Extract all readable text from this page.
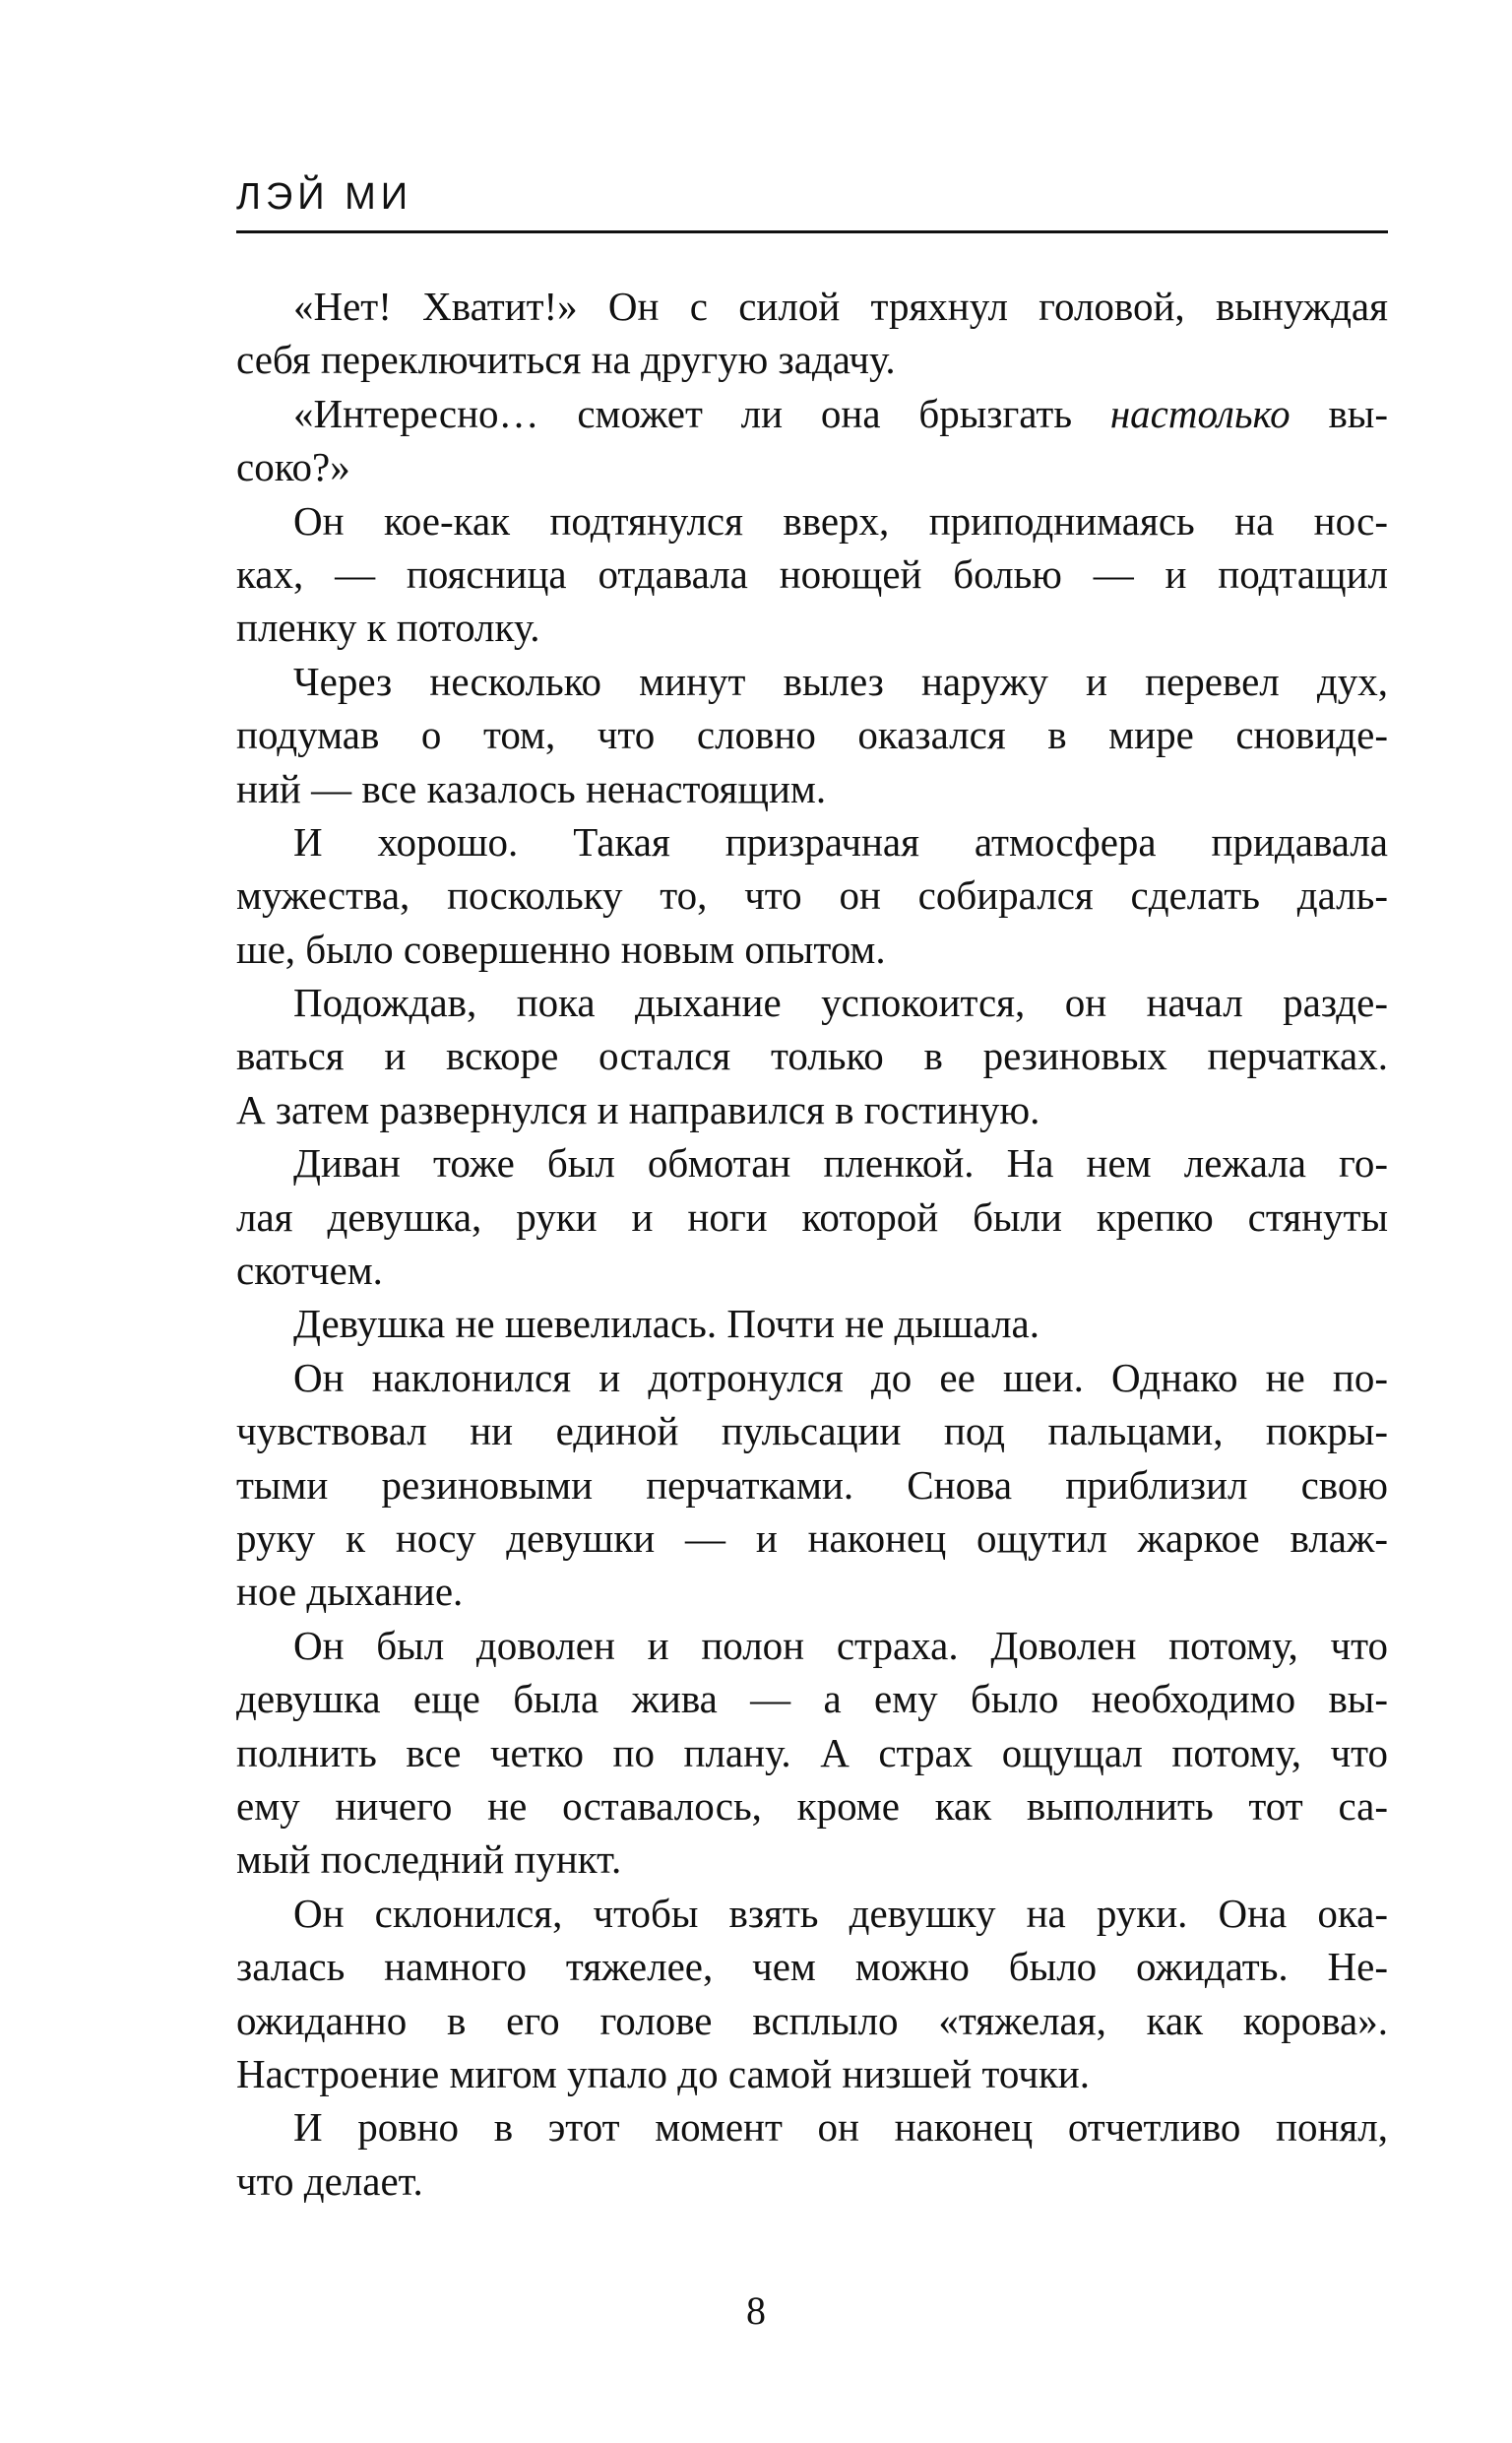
ЛЭЙ МИ
«Нет! Хватит!» Он с силой тряхнул головой, вынуждая
себя переключиться на другую задачу.
«Интересно… сможет ли она брызгать настолько вы-
соко?»
Он кое-как подтянулся вверх, приподнимаясь на нос-
ках, — поясница отдавала ноющей болью — и подтащил
пленку к потолку.
Через несколько минут вылез наружу и перевел дух,
подумав о том, что словно оказался в мире сновиде-
ний — все казалось ненастоящим.
И хорошо. Такая призрачная атмосфера придавала
мужества, поскольку то, что он собирался сделать даль-
ше, было совершенно новым опытом.
Подождав, пока дыхание успокоится, он начал разде-
ваться и вскоре остался только в резиновых перчатках.
А затем развернулся и направился в гостиную.
Диван тоже был обмотан пленкой. На нем лежала го-
лая девушка, руки и ноги которой были крепко стянуты
скотчем.
Девушка не шевелилась. Почти не дышала.
Он наклонился и дотронулся до ее шеи. Однако не по-
чувствовал ни единой пульсации под пальцами, покры-
тыми резиновыми перчатками. Снова приблизил свою
руку к носу девушки — и наконец ощутил жаркое влаж-
ное дыхание.
Он был доволен и полон страха. Доволен потому, что
девушка еще была жива — а ему было необходимо вы-
полнить все четко по плану. А страх ощущал потому, что
ему ничего не оставалось, кроме как выполнить тот са-
мый последний пункт.
Он склонился, чтобы взять девушку на руки. Она ока-
залась намного тяжелее, чем можно было ожидать. Не-
ожиданно в его голове всплыло «тяжелая, как корова».
Настроение мигом упало до самой низшей точки.
И ровно в этот момент он наконец отчетливо понял,
что делает.
8
